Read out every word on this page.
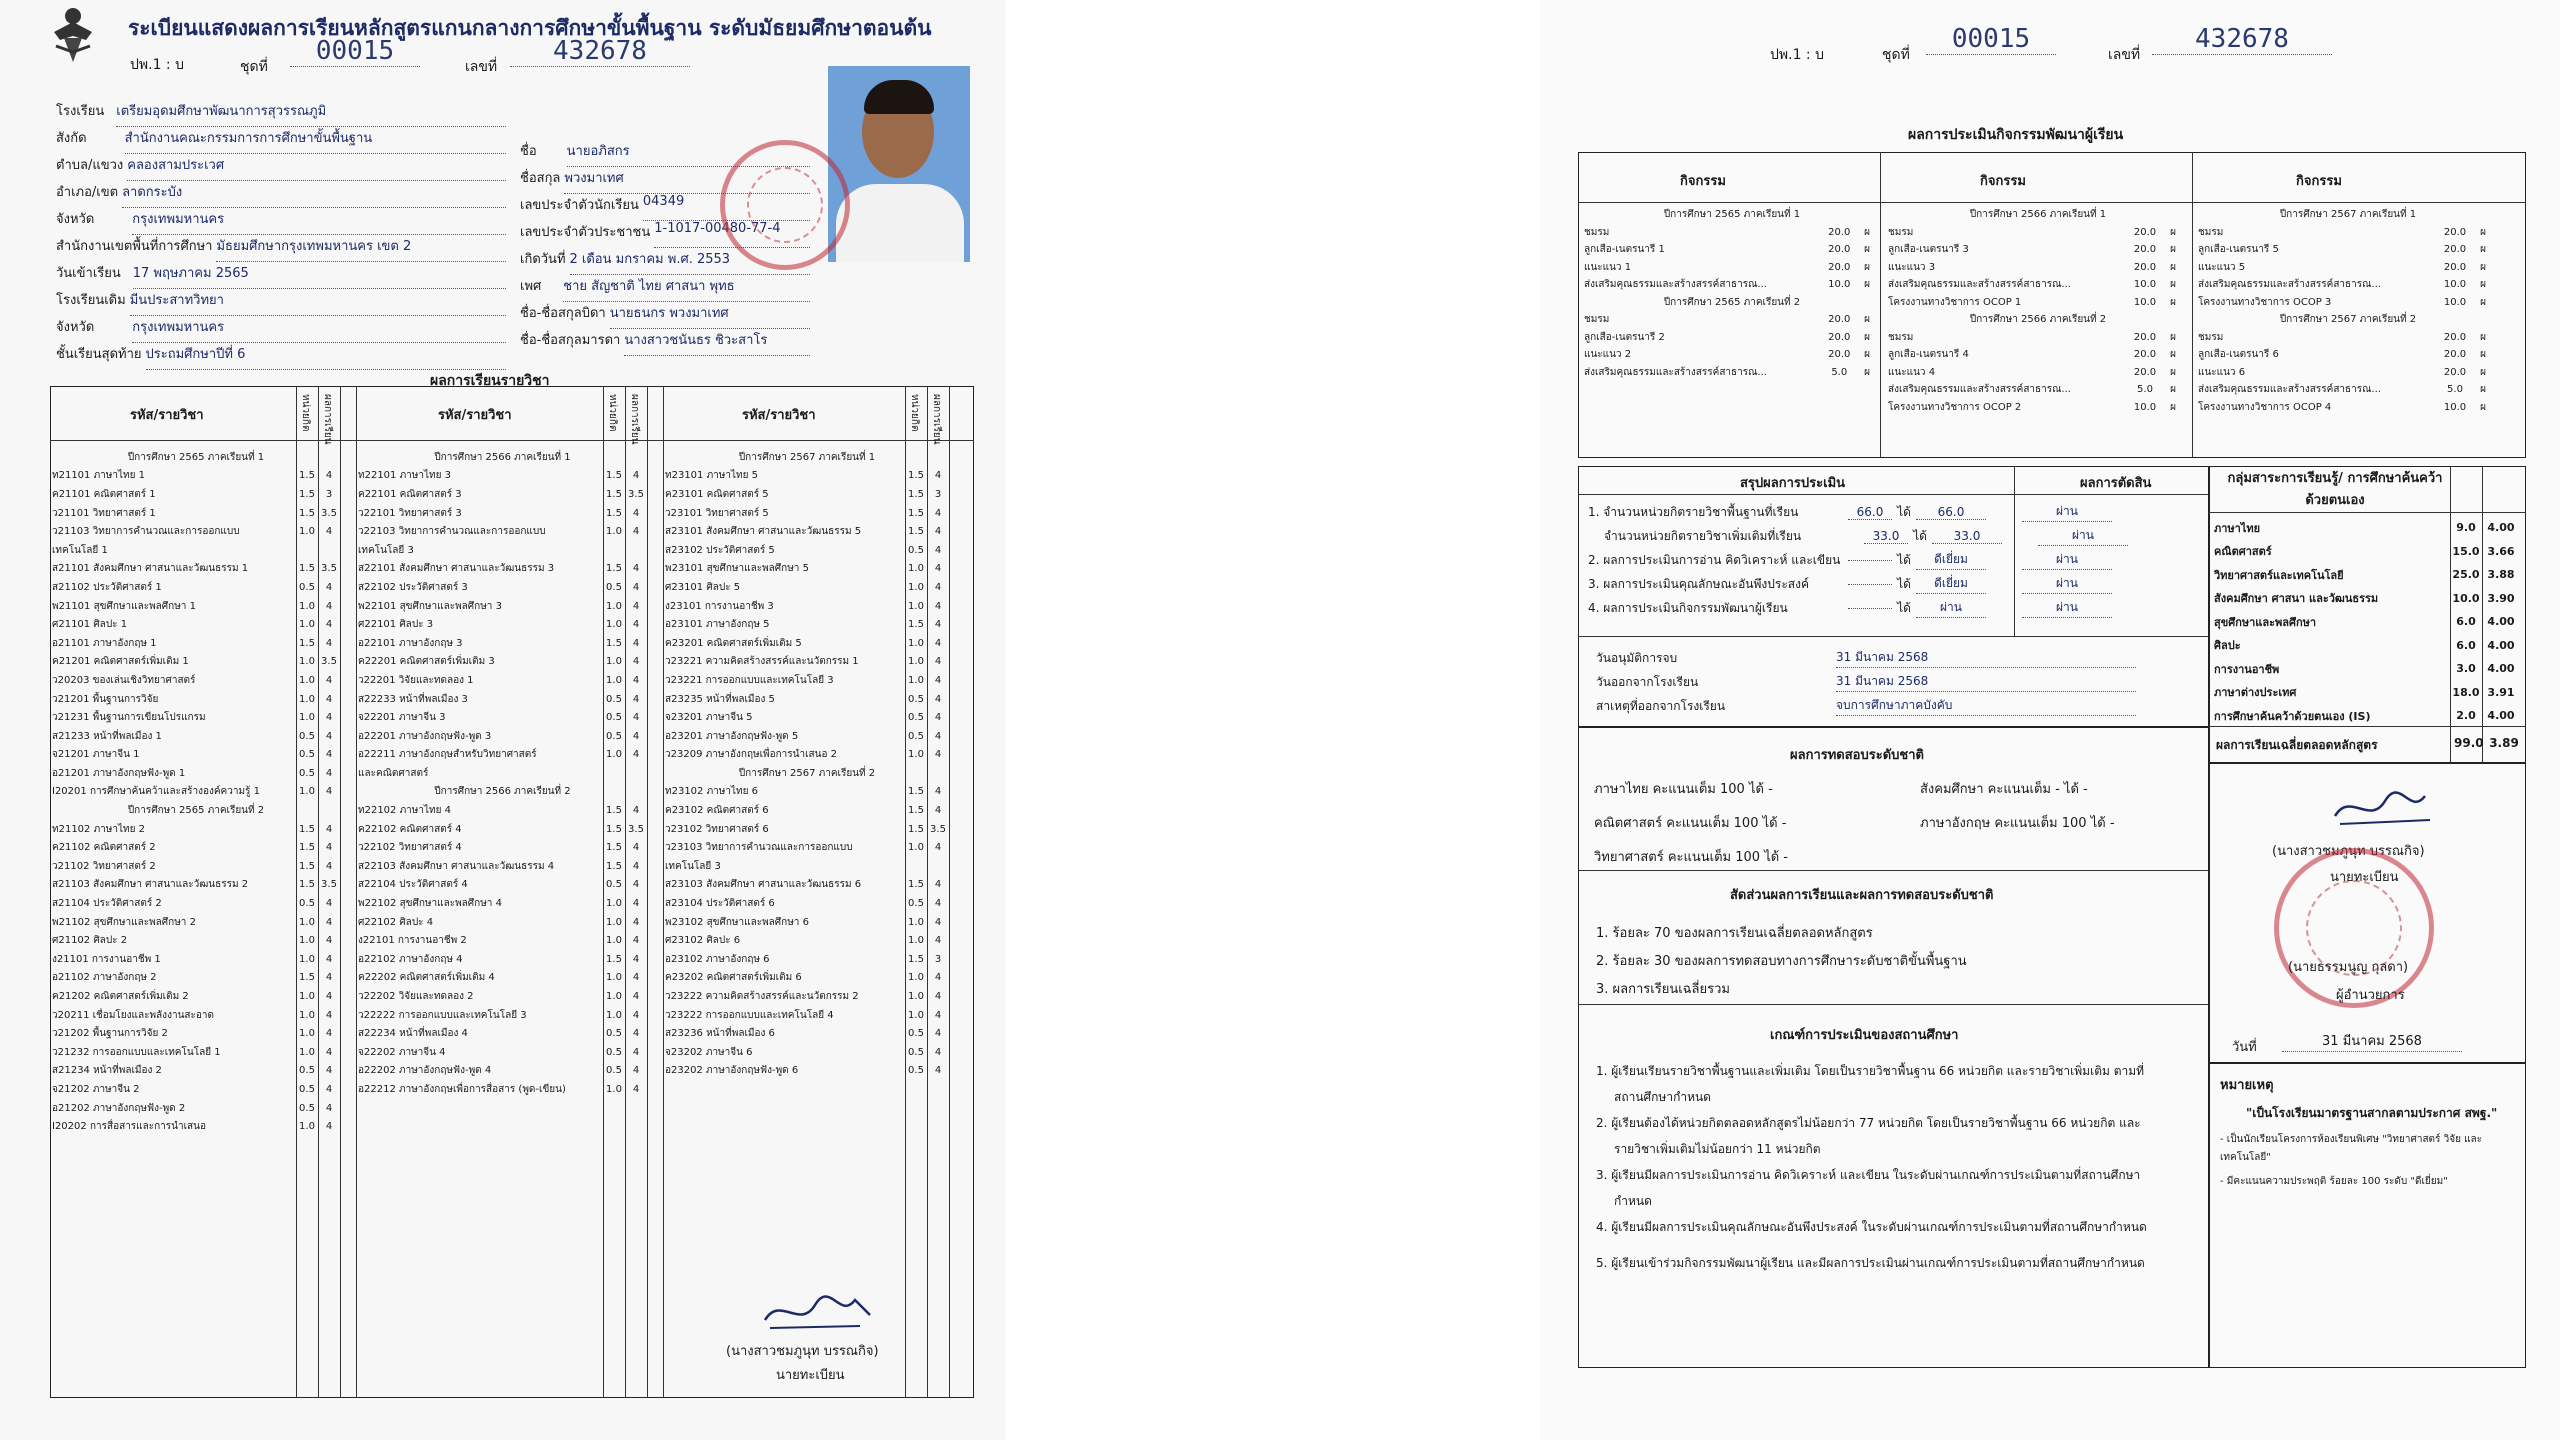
ระเบียนแสดงผลการเรียนหลักสูตรแกนกลางการศึกษาขั้นพื้นฐาน ระดับมัธยมศึกษาตอนต้น
ปพ.1 : บ	ชุดที่
00015
เลขที่
432678
โรงเรียน เตรียมอุดมศึกษาพัฒนาการสุวรรณภูมิ
สังกัด	สำนักงานคณะกรรมการการศึกษาขั้นพื้นฐาน
ตำบล/แขวง คลองสามประเวศ
อำเภอ/เขต ลาดกระบัง
จังหวัด	กรุงเทพมหานคร
สำนักงานเขตพื้นที่การศึกษา มัธยมศึกษากรุงเทพมหานคร เขต 2
วันเข้าเรียน 17 พฤษภาคม 2565
โรงเรียนเดิม มีนประสาทวิทยา
จังหวัด	กรุงเทพมหานคร
ชั้นเรียนสุดท้าย ประถมศึกษาปีที่ 6
ชื่อ นายอภิสกร
ชื่อสกุล พวงมาเทศ
เลขประจำตัวนักเรียน 04349
เลขประจำตัวประชาชน 1-1017-00480-77-4
เกิดวันที่ 2 เดือน มกราคม พ.ศ. 2553
เพศ ชาย สัญชาติ ไทย ศาสนา พุทธ
ชื่อ-ชื่อสกุลบิดา นายธนกร พวงมาเทศ
ชื่อ-ชื่อสกุลมารดา นางสาวชนันธร ชิวะสาโร
ผลการเรียนรายวิชา
รหัส/รายวิชา	รหัส/รายวิชา	รหัส/รายวิชา
หน่วยกิต ผลการเรียน	หน่วยกิต ผลการเรียน	หน่วยกิต ผลการเรียน
ปีการศึกษา 2565 ภาคเรียนที่ 1
ท21101 ภาษาไทย 1	1.5	4
ค21101 คณิตศาสตร์ 1	1.5	3
ว21101 วิทยาศาสตร์ 1	1.5 3.5
ว21103 วิทยาการคำนวณและการออกแบบ	1.0	4
เทคโนโลยี 1
ส21101 สังคมศึกษา ศาสนาและวัฒนธรรม 1	1.5 3.5
ส21102 ประวัติศาสตร์ 1	0.5	4
พ21101 สุขศึกษาและพลศึกษา 1	1.0	4
ศ21101 ศิลปะ 1	1.0	4
อ21101 ภาษาอังกฤษ 1	1.5	4
ค21201 คณิตศาสตร์เพิ่มเติม 1	1.0 3.5
ว20203 ของเล่นเชิงวิทยาศาสตร์	1.0	4
ว21201 พื้นฐานการวิจัย	1.0	4
ว21231 พื้นฐานการเขียนโปรแกรม	1.0	4
ส21233 หน้าที่พลเมือง 1	0.5	4
จ21201 ภาษาจีน 1	0.5	4
อ21201 ภาษาอังกฤษฟัง-พูด 1	0.5	4
I20201 การศึกษาค้นคว้าและสร้างองค์ความรู้ 1	1.0	4
ปีการศึกษา 2565 ภาคเรียนที่ 2
ท21102 ภาษาไทย 2	1.5	4
ค21102 คณิตศาสตร์ 2	1.5	4
ว21102 วิทยาศาสตร์ 2	1.5	4
ส21103 สังคมศึกษา ศาสนาและวัฒนธรรม 2	1.5 3.5
ส21104 ประวัติศาสตร์ 2	0.5	4
พ21102 สุขศึกษาและพลศึกษา 2	1.0	4
ศ21102 ศิลปะ 2	1.0	4
ง21101 การงานอาชีพ 1	1.0	4
อ21102 ภาษาอังกฤษ 2	1.5	4
ค21202 คณิตศาสตร์เพิ่มเติม 2	1.0	4
ว20211 เชื่อมโยงและพลังงานสะอาด	1.0	4
ว21202 พื้นฐานการวิจัย 2	1.0	4
ว21232 การออกแบบและเทคโนโลยี 1	1.0	4
ส21234 หน้าที่พลเมือง 2	0.5	4
จ21202 ภาษาจีน 2	0.5	4
อ21202 ภาษาอังกฤษฟัง-พูด 2	0.5	4
I20202 การสื่อสารและการนำเสนอ	1.0	4
ปีการศึกษา 2566 ภาคเรียนที่ 1
ท22101 ภาษาไทย 3	1.5	4
ค22101 คณิตศาสตร์ 3	1.5 3.5
ว22101 วิทยาศาสตร์ 3	1.5	4
ว22103 วิทยาการคำนวณและการออกแบบ	1.0	4
เทคโนโลยี 3
ส22101 สังคมศึกษา ศาสนาและวัฒนธรรม 3	1.5	4
ส22102 ประวัติศาสตร์ 3	0.5	4
พ22101 สุขศึกษาและพลศึกษา 3	1.0	4
ศ22101 ศิลปะ 3	1.0	4
อ22101 ภาษาอังกฤษ 3	1.5	4
ค22201 คณิตศาสตร์เพิ่มเติม 3	1.0	4
ว22201 วิจัยและทดลอง 1	1.0	4
ส22233 หน้าที่พลเมือง 3	0.5	4
จ22201 ภาษาจีน 3	0.5	4
อ22201 ภาษาอังกฤษฟัง-พูด 3	0.5	4
อ22211 ภาษาอังกฤษสำหรับวิทยาศาสตร์	1.0	4
และคณิตศาสตร์
ปีการศึกษา 2566 ภาคเรียนที่ 2
ท22102 ภาษาไทย 4	1.5	4
ค22102 คณิตศาสตร์ 4	1.5 3.5
ว22102 วิทยาศาสตร์ 4	1.5	4
ส22103 สังคมศึกษา ศาสนาและวัฒนธรรม 4	1.5	4
ส22104 ประวัติศาสตร์ 4	0.5	4
พ22102 สุขศึกษาและพลศึกษา 4	1.0	4
ศ22102 ศิลปะ 4	1.0	4
ง22101 การงานอาชีพ 2	1.0	4
อ22102 ภาษาอังกฤษ 4	1.5	4
ค22202 คณิตศาสตร์เพิ่มเติม 4	1.0	4
ว22202 วิจัยและทดลอง 2	1.0	4
ว22222 การออกแบบและเทคโนโลยี 3	1.0	4
ส22234 หน้าที่พลเมือง 4	0.5	4
จ22202 ภาษาจีน 4	0.5	4
อ22202 ภาษาอังกฤษฟัง-พูด 4	0.5	4
อ22212 ภาษาอังกฤษเพื่อการสื่อสาร (พูด-เขียน)	1.0	4
ปีการศึกษา 2567 ภาคเรียนที่ 1
ท23101 ภาษาไทย 5	1.5	4
ค23101 คณิตศาสตร์ 5	1.5	3
ว23101 วิทยาศาสตร์ 5	1.5	4
ส23101 สังคมศึกษา ศาสนาและวัฒนธรรม 5	1.5	4
ส23102 ประวัติศาสตร์ 5	0.5	4
พ23101 สุขศึกษาและพลศึกษา 5	1.0	4
ศ23101 ศิลปะ 5	1.0	4
ง23101 การงานอาชีพ 3	1.0	4
อ23101 ภาษาอังกฤษ 5	1.5	4
ค23201 คณิตศาสตร์เพิ่มเติม 5	1.0	4
ว23221 ความคิดสร้างสรรค์และนวัตกรรม 1	1.0	4
ว23221 การออกแบบและเทคโนโลยี 3	1.0	4
ส23235 หน้าที่พลเมือง 5	0.5	4
จ23201 ภาษาจีน 5	0.5	4
อ23201 ภาษาอังกฤษฟัง-พูด 5	0.5	4
ว23209 ภาษาอังกฤษเพื่อการนำเสนอ 2	1.0	4
ปีการศึกษา 2567 ภาคเรียนที่ 2
ท23102 ภาษาไทย 6	1.5	4
ค23102 คณิตศาสตร์ 6	1.5	4
ว23102 วิทยาศาสตร์ 6	1.5 3.5
ว23103 วิทยาการคำนวณและการออกแบบ	1.0	4
เทคโนโลยี 3
ส23103 สังคมศึกษา ศาสนาและวัฒนธรรม 6	1.5	4
ส23104 ประวัติศาสตร์ 6	0.5	4
พ23102 สุขศึกษาและพลศึกษา 6	1.0	4
ศ23102 ศิลปะ 6	1.0	4
อ23102 ภาษาอังกฤษ 6	1.5	3
ค23202 คณิตศาสตร์เพิ่มเติม 6	1.0	4
ว23222 ความคิดสร้างสรรค์และนวัตกรรม 2	1.0	4
ว23222 การออกแบบและเทคโนโลยี 4	1.0	4
ส23236 หน้าที่พลเมือง 6	0.5	4
จ23202 ภาษาจีน 6	0.5	4
อ23202 ภาษาอังกฤษฟัง-พูด 6	0.5	4
(นางสาวชมภูนุท บรรณกิจ)
นายทะเบียน
ปพ.1 : บ	ชุดที่
00015
เลขที่
432678
ผลการประเมินกิจกรรมพัฒนาผู้เรียน
กิจกรรม	กิจกรรม	กิจกรรม
ปีการศึกษา 2565 ภาคเรียนที่ 1
ชมรม	20.0	ผ
ลูกเสือ-เนตรนารี 1	20.0	ผ
แนะแนว 1	20.0	ผ
ส่งเสริมคุณธรรมและสร้างสรรค์สาธารณ...	10.0	ผ
ปีการศึกษา 2565 ภาคเรียนที่ 2
ชมรม	20.0	ผ
ลูกเสือ-เนตรนารี 2	20.0	ผ
แนะแนว 2	20.0	ผ
ส่งเสริมคุณธรรมและสร้างสรรค์สาธารณ...	5.0	ผ
ปีการศึกษา 2566 ภาคเรียนที่ 1
ชมรม	20.0	ผ
ลูกเสือ-เนตรนารี 3	20.0	ผ
แนะแนว 3	20.0	ผ
ส่งเสริมคุณธรรมและสร้างสรรค์สาธารณ...	10.0	ผ
โครงงานทางวิชาการ OCOP 1	10.0	ผ
ปีการศึกษา 2566 ภาคเรียนที่ 2
ชมรม	20.0	ผ
ลูกเสือ-เนตรนารี 4	20.0	ผ
แนะแนว 4	20.0	ผ
ส่งเสริมคุณธรรมและสร้างสรรค์สาธารณ...	5.0	ผ
โครงงานทางวิชาการ OCOP 2	10.0	ผ
ปีการศึกษา 2567 ภาคเรียนที่ 1
ชมรม	20.0	ผ
ลูกเสือ-เนตรนารี 5	20.0	ผ
แนะแนว 5	20.0	ผ
ส่งเสริมคุณธรรมและสร้างสรรค์สาธารณ...	10.0	ผ
โครงงานทางวิชาการ OCOP 3	10.0	ผ
ปีการศึกษา 2567 ภาคเรียนที่ 2
ชมรม	20.0	ผ
ลูกเสือ-เนตรนารี 6	20.0	ผ
แนะแนว 6	20.0	ผ
ส่งเสริมคุณธรรมและสร้างสรรค์สาธารณ...	5.0	ผ
โครงงานทางวิชาการ OCOP 4	10.0	ผ
สรุปผลการประเมิน	ผลการตัดสิน
1. จำนวนหน่วยกิตรายวิชาพื้นฐานที่เรียน	66.0	ได้	66.0	ผ่าน
จำนวนหน่วยกิตรายวิชาเพิ่มเติมที่เรียน	33.0	ได้	33.0	ผ่าน
2. ผลการประเมินการอ่าน คิดวิเคราะห์ และเขียน	ได้	ดีเยี่ยม	ผ่าน
3. ผลการประเมินคุณลักษณะอันพึงประสงค์	ได้	ดีเยี่ยม	ผ่าน
4. ผลการประเมินกิจกรรมพัฒนาผู้เรียน	ได้	ผ่าน	ผ่าน
วันอนุมัติการจบ	31 มีนาคม 2568
วันออกจากโรงเรียน	31 มีนาคม 2568
สาเหตุที่ออกจากโรงเรียน	จบการศึกษาภาคบังคับ
ผลการทดสอบระดับชาติ
ภาษาไทย คะแนนเต็ม 100 ได้ -	สังคมศึกษา คะแนนเต็ม - ได้ -
คณิตศาสตร์ คะแนนเต็ม 100 ได้ -	ภาษาอังกฤษ คะแนนเต็ม 100 ได้ -
วิทยาศาสตร์ คะแนนเต็ม 100 ได้ -
สัดส่วนผลการเรียนและผลการทดสอบระดับชาติ
1. ร้อยละ 70 ของผลการเรียนเฉลี่ยตลอดหลักสูตร
2. ร้อยละ 30 ของผลการทดสอบทางการศึกษาระดับชาติขั้นพื้นฐาน
3. ผลการเรียนเฉลี่ยรวม
เกณฑ์การประเมินของสถานศึกษา
1. ผู้เรียนเรียนรายวิชาพื้นฐานและเพิ่มเติม โดยเป็นรายวิชาพื้นฐาน 66 หน่วยกิต และรายวิชาเพิ่มเติม ตามที่
สถานศึกษากำหนด
2. ผู้เรียนต้องได้หน่วยกิตตลอดหลักสูตรไม่น้อยกว่า 77 หน่วยกิต โดยเป็นรายวิชาพื้นฐาน 66 หน่วยกิต และ
รายวิชาเพิ่มเติมไม่น้อยกว่า 11 หน่วยกิต
3. ผู้เรียนมีผลการประเมินการอ่าน คิดวิเคราะห์ และเขียน ในระดับผ่านเกณฑ์การประเมินตามที่สถานศึกษา
กำหนด
4. ผู้เรียนมีผลการประเมินคุณลักษณะอันพึงประสงค์ ในระดับผ่านเกณฑ์การประเมินตามที่สถานศึกษากำหนด
5. ผู้เรียนเข้าร่วมกิจกรรมพัฒนาผู้เรียน และมีผลการประเมินผ่านเกณฑ์การประเมินตามที่สถานศึกษากำหนด
กลุ่มสาระการเรียนรู้/ การศึกษาค้นคว้าด้วยตนเอง
ภาษาไทย	9.0	4.00
คณิตศาสตร์	15.0 3.66
วิทยาศาสตร์และเทคโนโลยี	25.0 3.88
สังคมศึกษา ศาสนา และวัฒนธรรม	10.0 3.90
สุขศึกษาและพลศึกษา	6.0	4.00
ศิลปะ	6.0	4.00
การงานอาชีพ	3.0	4.00
ภาษาต่างประเทศ	18.0 3.91
การศึกษาค้นคว้าด้วยตนเอง (IS)	2.0	4.00
ผลการเรียนเฉลี่ยตลอดหลักสูตร	99.0 3.89
(นางสาวชมภูนุท บรรณกิจ)
นายทะเบียน
(นายธรรมนูญ กุลดา)
ผู้อำนวยการ
วันที่	31 มีนาคม 2568
หมายเหตุ
"เป็นโรงเรียนมาตรฐานสากลตามประกาศ สพฐ."
- เป็นนักเรียนโครงการห้องเรียนพิเศษ "วิทยาศาสตร์ วิจัย และ
เทคโนโลยี"
- มีคะแนนความประพฤติ ร้อยละ 100 ระดับ "ดีเยี่ยม"
